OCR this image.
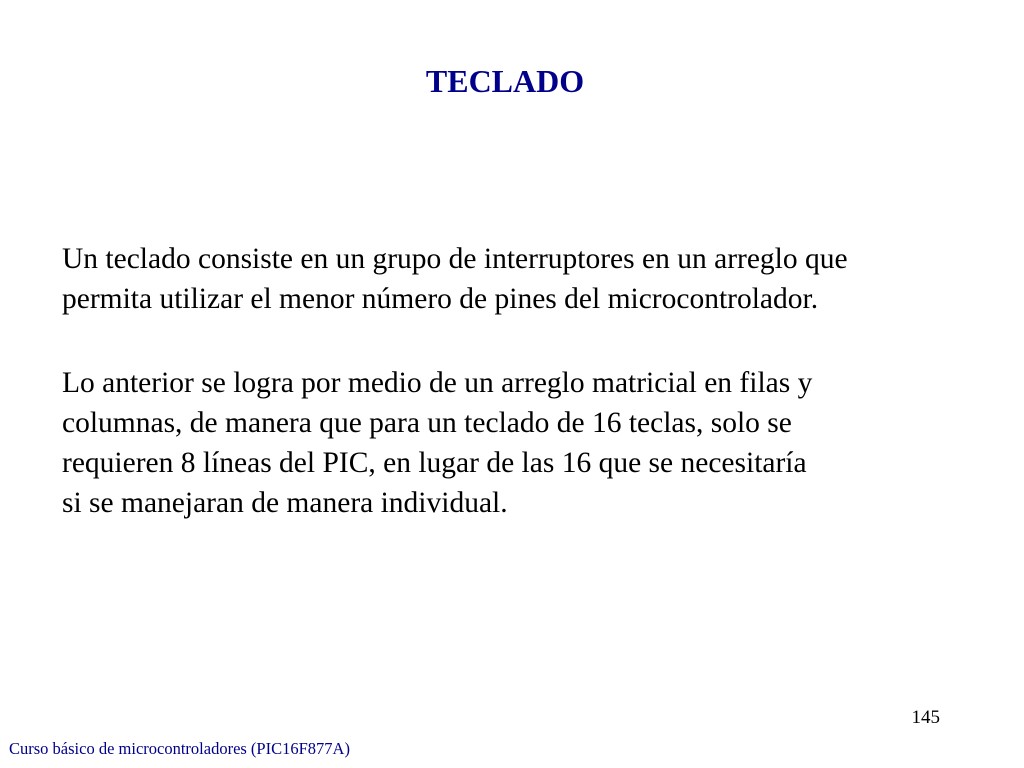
TECLADO

Un teclado consiste en un grupo de interruptores en un arreglo que
permita utilizar el menor número de pines del microcontrolador.

Lo anterior se logra por medio de un arreglo matricial en filas y
columnas, de manera que para un teclado de 16 teclas, solo se
requieren 8 líneas del PIC, en lugar de las 16 que se necesitaría
si se manejaran de manera individual.

145
Curso básico de microcontroladores (PIC16F877A)
